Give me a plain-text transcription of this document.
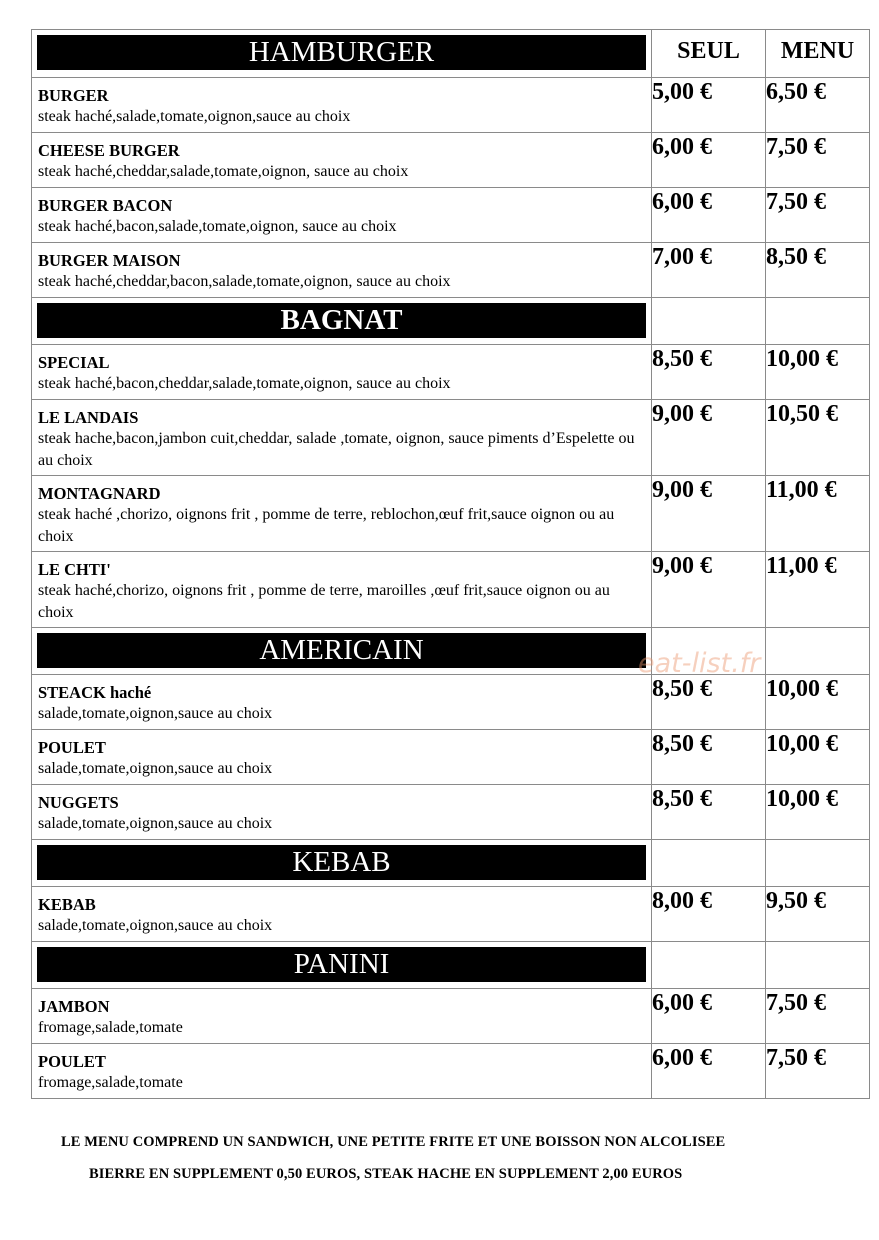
HAMBURGER	SEUL	MENU

BURGER
steak haché,salade,tomate,oignon,sauce au choix	5,00 €	6,50 €

CHEESE BURGER
steak haché,cheddar,salade,tomate,oignon, sauce au choix	6,00 €	7,50 €

BURGER BACON
steak haché,bacon,salade,tomate,oignon, sauce au choix	6,00 €	7,50 €

BURGER MAISON
steak haché,cheddar,bacon,salade,tomate,oignon, sauce au choix	7,00 €	8,50 €

BAGNAT		

SPECIAL
steak haché,bacon,cheddar,salade,tomate,oignon, sauce au choix	8,50 €	10,00 €

LE LANDAIS
steak hache,bacon,jambon cuit,cheddar, salade ,tomate, oignon, sauce piments d’Espelette ou au choix	9,00 €	10,50 €

MONTAGNARD
steak haché ,chorizo, oignons frit , pomme de terre, reblochon,œuf frit,sauce oignon ou au choix	9,00 €	11,00 €

LE CHTI'
steak haché,chorizo, oignons frit , pomme de terre, maroilles ,œuf frit,sauce oignon ou au choix	9,00 €	11,00 €

AMERICAIN		

STEACK haché
salade,tomate,oignon,sauce au choix	8,50 €	10,00 €

POULET
salade,tomate,oignon,sauce au choix	8,50 €	10,00 €

NUGGETS
salade,tomate,oignon,sauce au choix	8,50 €	10,00 €

KEBAB		

KEBAB
salade,tomate,oignon,sauce au choix	8,00 €	9,50 €

PANINI		

JAMBON
fromage,salade,tomate	6,00 €	7,50 €

POULET
fromage,salade,tomate	6,00 €	7,50 €
eat-list.fr
LE MENU COMPREND UN SANDWICH, UNE PETITE FRITE ET UNE BOISSON NON ALCOLISEE
BIERRE EN SUPPLEMENT 0,50 EUROS, STEAK HACHE EN SUPPLEMENT 2,00 EUROS
